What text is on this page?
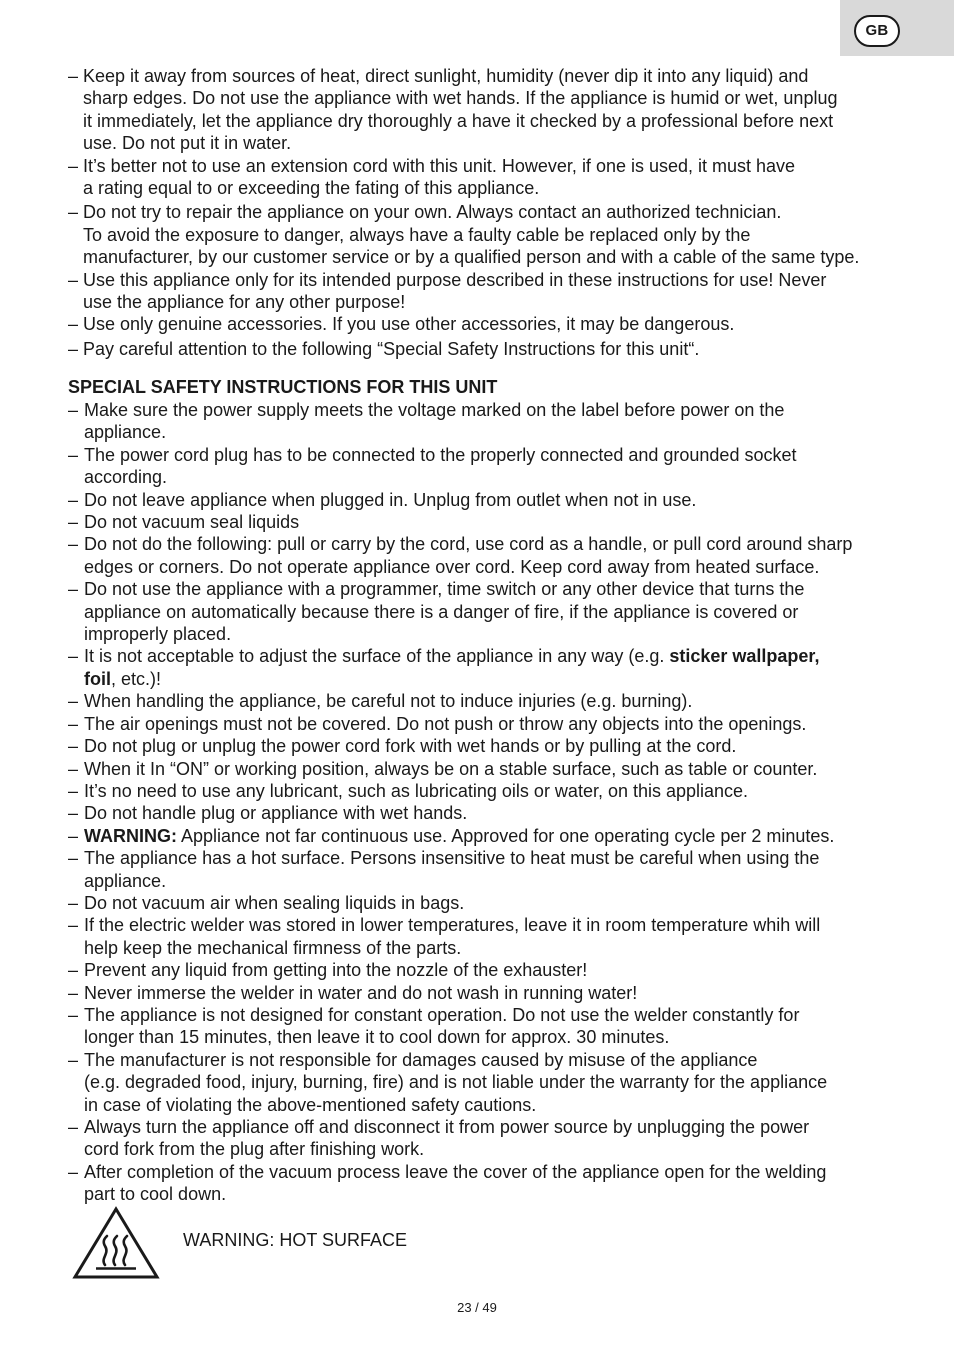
GB
– Keep it away from sources of heat, direct sunlight, humidity (never dip it into any liquid) and
sharp edges. Do not use the appliance with wet hands. If the appliance is humid or wet, unplug
it immediately, let the appliance dry thoroughly a have it checked by a professional before next
use. Do not put it in water.
– It’s better not to use an extension cord with this unit. However, if one is used, it must have
a rating equal to or exceeding the fating of this appliance.
– Do not try to repair the appliance on your own. Always contact an authorized technician.
To avoid the exposure to danger, always have a faulty cable be replaced only by the
manufacturer, by our customer service or by a qualified person and with a cable of the same type.
– Use this appliance only for its intended purpose described in these instructions for use! Never
use the appliance for any other purpose!
– Use only genuine accessories. If you use other accessories, it may be dangerous.
– Pay careful attention to the following “Special Safety Instructions for this unit“.
SPECIAL SAFETY INSTRUCTIONS FOR THIS UNIT
– Make sure the power supply meets the voltage marked on the label before power on the
appliance.
– The power cord plug has to be connected to the properly connected and grounded socket
according.
– Do not leave appliance when plugged in. Unplug from outlet when not in use.
– Do not vacuum seal liquids
– Do not do the following: pull or carry by the cord, use cord as a handle, or pull cord around sharp
edges or corners. Do not operate appliance over cord. Keep cord away from heated surface.
– Do not use the appliance with a programmer, time switch or any other device that turns the
appliance on automatically because there is a danger of fire, if the appliance is covered or
improperly placed.
– It is not acceptable to adjust the surface of the appliance in any way (e.g. sticker wallpaper,
foil, etc.)!
– When handling the appliance, be careful not to induce injuries (e.g. burning).
– The air openings must not be covered. Do not push or throw any objects into the openings.
– Do not plug or unplug the power cord fork with wet hands or by pulling at the cord.
– When it In “ON” or working position, always be on a stable surface, such as table or counter.
– It’s no need to use any lubricant, such as lubricating oils or water, on this appliance.
– Do not handle plug or appliance with wet hands.
– WARNING: Appliance not far continuous use. Approved for one operating cycle per 2 minutes.
– The appliance has a hot surface. Persons insensitive to heat must be careful when using the
appliance.
– Do not vacuum air when sealing liquids in bags.
– If the electric welder was stored in lower temperatures, leave it in room temperature whih will
help keep the mechanical firmness of the parts.
– Prevent any liquid from getting into the nozzle of the exhauster!
– Never immerse the welder in water and do not wash in running water!
– The appliance is not designed for constant operation. Do not use the welder constantly for
longer than 15 minutes, then leave it to cool down for approx. 30 minutes.
– The manufacturer is not responsible for damages caused by misuse of the appliance
(e.g. degraded food, injury, burning, fire) and is not liable under the warranty for the appliance
in case of violating the above-mentioned safety cautions.
– Always turn the appliance off and disconnect it from power source by unplugging the power
cord fork from the plug after finishing work.
– After completion of the vacuum process leave the cover of the appliance open for the welding
part to cool down.
WARNING: HOT SURFACE
23 / 49
